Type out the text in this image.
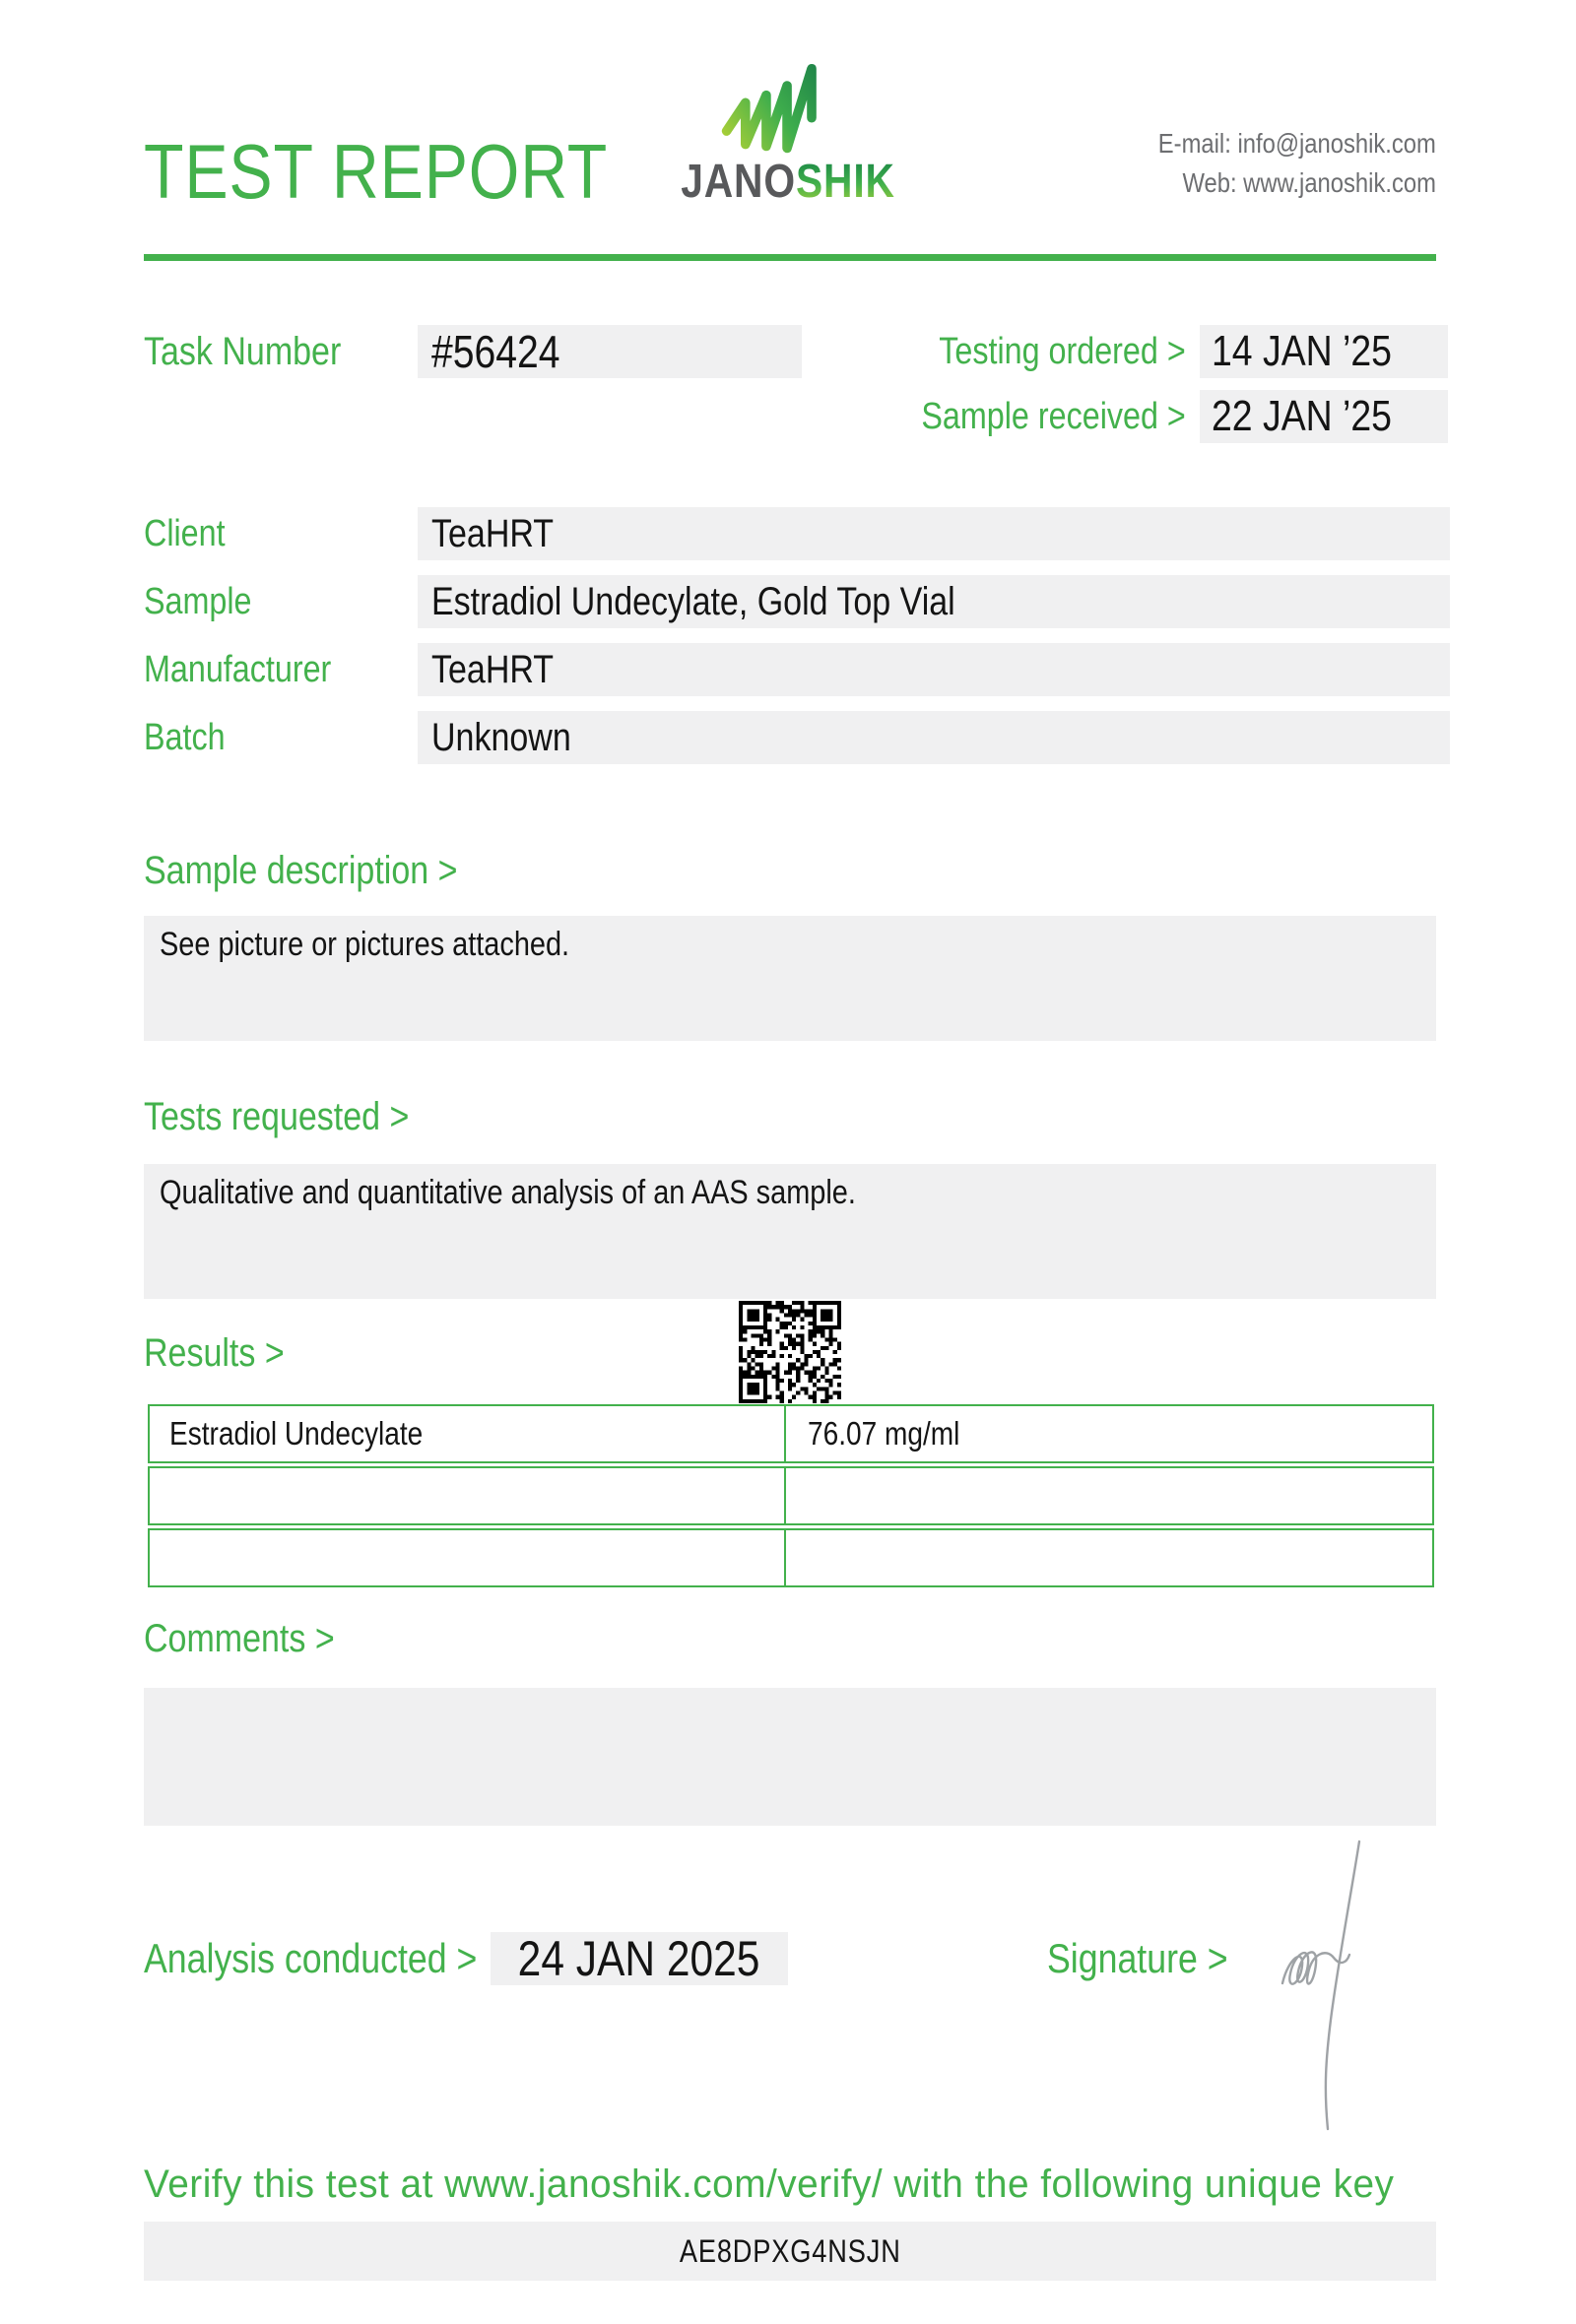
TEST REPORT	JANOSHIK
E-mail: info@janoshik.com
Web: www.janoshik.com
Task Number #56424	Testing ordered > 14 JAN ’25
Sample received > 22 JAN ’25
Client	TeaHRT
Sample	Estradiol Undecylate, Gold Top Vial
Manufacturer	TeaHRT
Batch	Unknown
Sample description >
See picture or pictures attached.
Tests requested >
Qualitative and quantitative analysis of an AAS sample.
Results >
Estradiol Undecylate	76.07 mg/ml
Comments >
Analysis conducted > 24 JAN 2025	Signature >
Verify this test at www.janoshik.com/verify/ with the following unique key
AE8DPXG4NSJN
